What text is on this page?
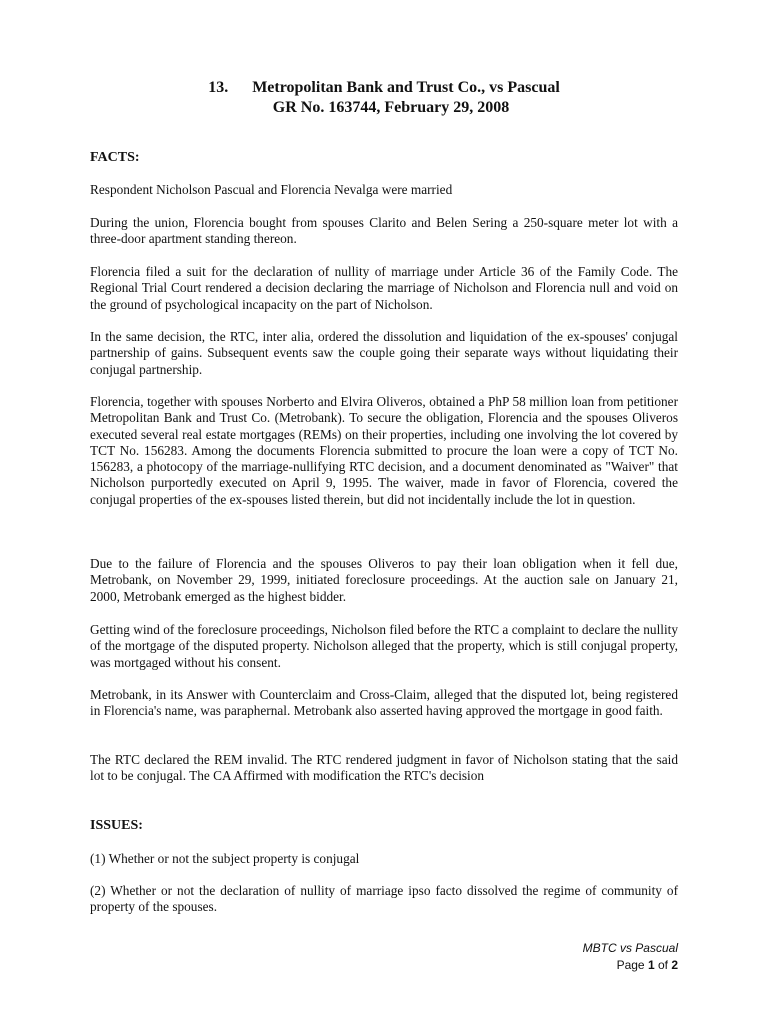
13. Metropolitan Bank and Trust Co., vs Pascual
GR No. 163744, February 29, 2008
FACTS:

Respondent Nicholson Pascual and Florencia Nevalga were married

During the union, Florencia bought from spouses Clarito and Belen Sering a 250-square meter lot with a three-door apartment standing thereon.

Florencia filed a suit for the declaration of nullity of marriage under Article 36 of the Family Code. The Regional Trial Court rendered a decision declaring the marriage of Nicholson and Florencia null and void on the ground of psychological incapacity on the part of Nicholson.

In the same decision, the RTC, inter alia, ordered the dissolution and liquidation of the ex-spouses' conjugal partnership of gains. Subsequent events saw the couple going their separate ways without liquidating their conjugal partnership.

Florencia, together with spouses Norberto and Elvira Oliveros, obtained a PhP 58 million loan from petitioner Metropolitan Bank and Trust Co. (Metrobank). To secure the obligation, Florencia and the spouses Oliveros executed several real estate mortgages (REMs) on their properties, including one involving the lot covered by TCT No. 156283. Among the documents Florencia submitted to procure the loan were a copy of TCT No. 156283, a photocopy of the marriage-nullifying RTC decision, and a document denominated as "Waiver" that Nicholson purportedly executed on April 9, 1995. The waiver, made in favor of Florencia, covered the conjugal properties of the ex-spouses listed therein, but did not incidentally include the lot in question.

Due to the failure of Florencia and the spouses Oliveros to pay their loan obligation when it fell due, Metrobank, on November 29, 1999, initiated foreclosure proceedings. At the auction sale on January 21, 2000, Metrobank emerged as the highest bidder.

Getting wind of the foreclosure proceedings, Nicholson filed before the RTC a complaint to declare the nullity of the mortgage of the disputed property. Nicholson alleged that the property, which is still conjugal property, was mortgaged without his consent.

Metrobank, in its Answer with Counterclaim and Cross-Claim, alleged that the disputed lot, being registered in Florencia's name, was paraphernal. Metrobank also asserted having approved the mortgage in good faith.

The RTC declared the REM invalid. The RTC rendered judgment in favor of Nicholson stating that the said lot to be conjugal. The CA Affirmed with modification the RTC's decision

ISSUES:

(1) Whether or not the subject property is conjugal

(2) Whether or not the declaration of nullity of marriage ipso facto dissolved the regime of community of property of the spouses.

MBTC vs Pascual
Page 1 of 2
